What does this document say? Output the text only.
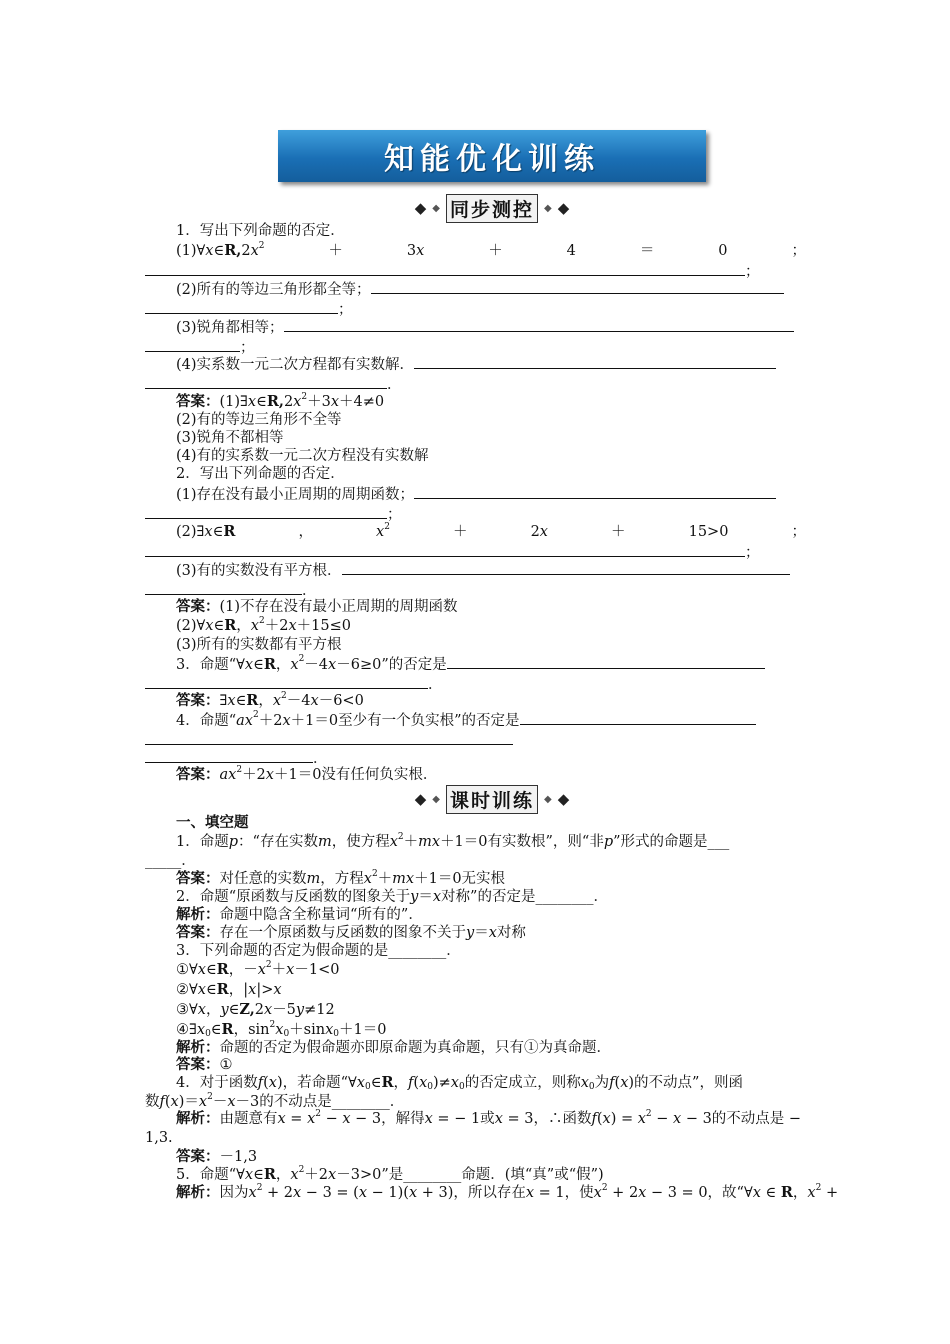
知能优化训练
◆ ◆ 同步测控	◆ ◆
1．写出下列命题的否定．
$(1)\forall x\in R,2x^2$	＋	3x	＋	4	＝	0	；
；
(2)所有的等边三角形都全等；
；
(3)锐角都相等；
；
(4)实系数一元二次方程都有实数解．
．
答案：$(1)\exists x\in R,2x^2+3x+4\ne 0$
(2)有的等边三角形不全等
(3)锐角不都相等
(4)有的实系数一元二次方程没有实数解
2．写出下列命题的否定．
(1)存在没有最小正周期的周期函数；
；
(2)∃x∈R	，	$x^2$	＋	2x	＋	15>0	；
；
(3)有的实数没有平方根．
．
答案：(1)不存在没有最小正周期的周期函数
(2)∀x∈R，$x^2+2x+15\le 0$
(3)所有的实数都有平方根
3．命题“∀x∈R，$x^2-4x-6\ge 0$”的否定是
．
答案：∃x∈R，$x^2-4x-6<0$
4．命题“$ax^2+2x+1=0$至少有一个负实根”的否定是
．
答案：$ax^2+2x+1=0$没有任何负实根．
◆ ◆ 课时训练	◆ ◆
一、填空题
1．命题p：“存在实数m，使方程$x^2+mx+1=0$有实数根”，则“非p”形式的命题是___
_____．
答案：对任意的实数m，方程$x^2+mx+1=0$无实根
2．命题“原函数与反函数的图象关于y＝x对称”的否定是________．
解析：命题中隐含全称量词“所有的”．
答案：存在一个原函数与反函数的图象不关于y＝x对称
3．下列命题的否定为假命题的是________．
①∀x∈R，$-x^2+x-1<0$
②∀x∈R，|x|>x
③∀x，y∈Z,2x－5y≠12
④∃x0∈R，$\sin^2x0+\sin x0+1=0$
解析：命题的否定为假命题亦即原命题为真命题，只有①为真命题．
答案：①
4．对于函数f(x)，若命题“∀x0∈R，f(x0)≠x0的否定成立，则称x0为f(x)的不动点”，则函
数$f(x)=x^2-x-3$的不动点是________．
解析：由题意有$x = x^2 - x - 3$，解得x = − 1或x = 3，∴函数$f(x) = x^2 - x - 3$的不动点是 −
1,3.
答案：－1,3
5．命题“∀x∈R，$x^2+2x-3>0$”是________命题．(填“真”或“假”)
解析：因为$x^2 + 2x - 3 = (x - 1)(x + 3)$，所以存在x = 1，使$x^2 + 2x - 3 = 0$，故“∀x ∈ R，$x^2$ +
